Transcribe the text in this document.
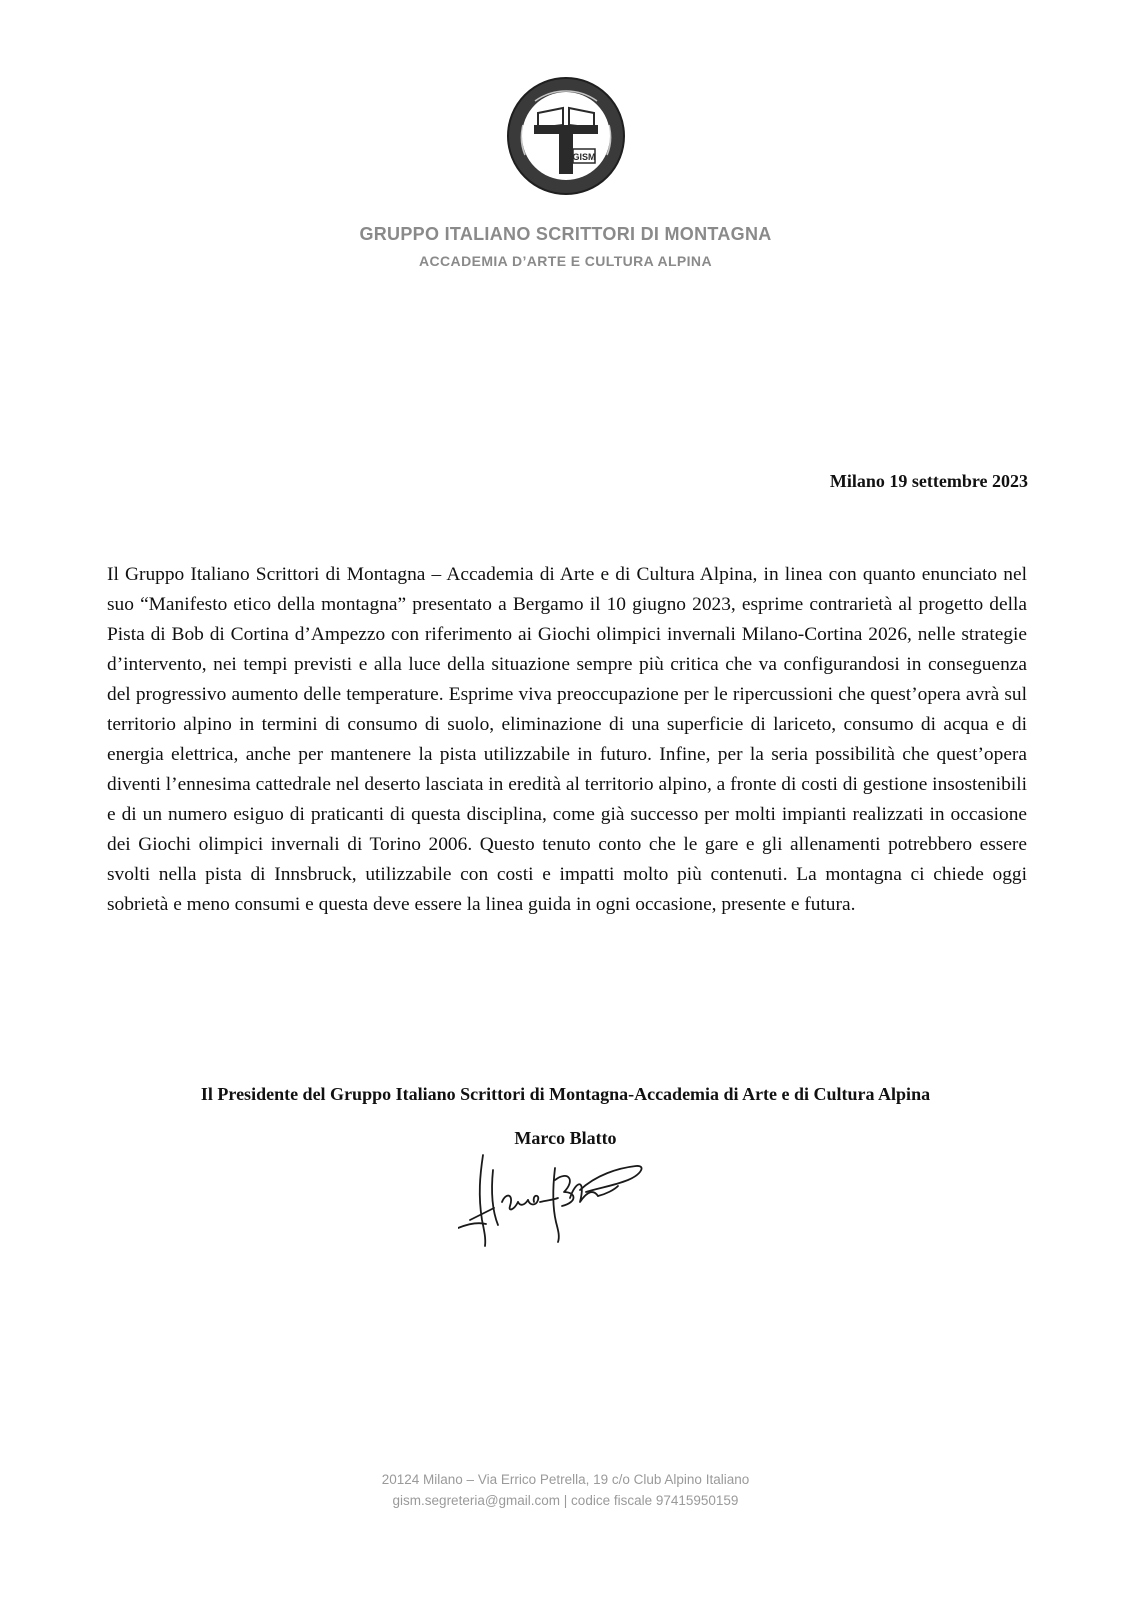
GISM
GRUPPO ITALIANO SCRITTORI DI MONTAGNA
ACCADEMIA D’ARTE E CULTURA ALPINA
Milano 19 settembre 2023

Il Gruppo Italiano Scrittori di Montagna – Accademia di Arte e di Cultura Alpina, in linea con quanto enunciato nel suo “Manifesto etico della montagna” presentato a Bergamo il 10 giugno 2023, esprime contrarietà al progetto della Pista di Bob di Cortina d’Ampezzo con riferimento ai Giochi olimpici invernali Milano-Cortina 2026, nelle strategie d’intervento, nei tempi previsti e alla luce della situazione sempre più critica che va configurandosi in conseguenza del progressivo aumento delle temperature. Esprime viva preoccupazione per le ripercussioni che quest’opera avrà sul territorio alpino in termini di consumo di suolo, eliminazione di una superficie di lariceto, consumo di acqua e di energia elettrica, anche per mantenere la pista utilizzabile in futuro. Infine, per la seria possibilità che quest’opera diventi l’ennesima cattedrale nel deserto lasciata in eredità al territorio alpino, a fronte di costi di gestione insostenibili e di un numero esiguo di praticanti di questa disciplina, come già successo per molti impianti realizzati in occasione dei Giochi olimpici invernali di Torino 2006. Questo tenuto conto che le gare e gli allenamenti potrebbero essere svolti nella pista di Innsbruck, utilizzabile con costi e impatti molto più contenuti. La montagna ci chiede oggi sobrietà e meno consumi e questa deve essere la linea guida in ogni occasione, presente e futura.

Il Presidente del Gruppo Italiano Scrittori di Montagna-Accademia di Arte e di Cultura Alpina
Marco Blatto
20124 Milano – Via Errico Petrella, 19 c/o Club Alpino Italiano
gism.segreteria@gmail.com | codice fiscale 97415950159
